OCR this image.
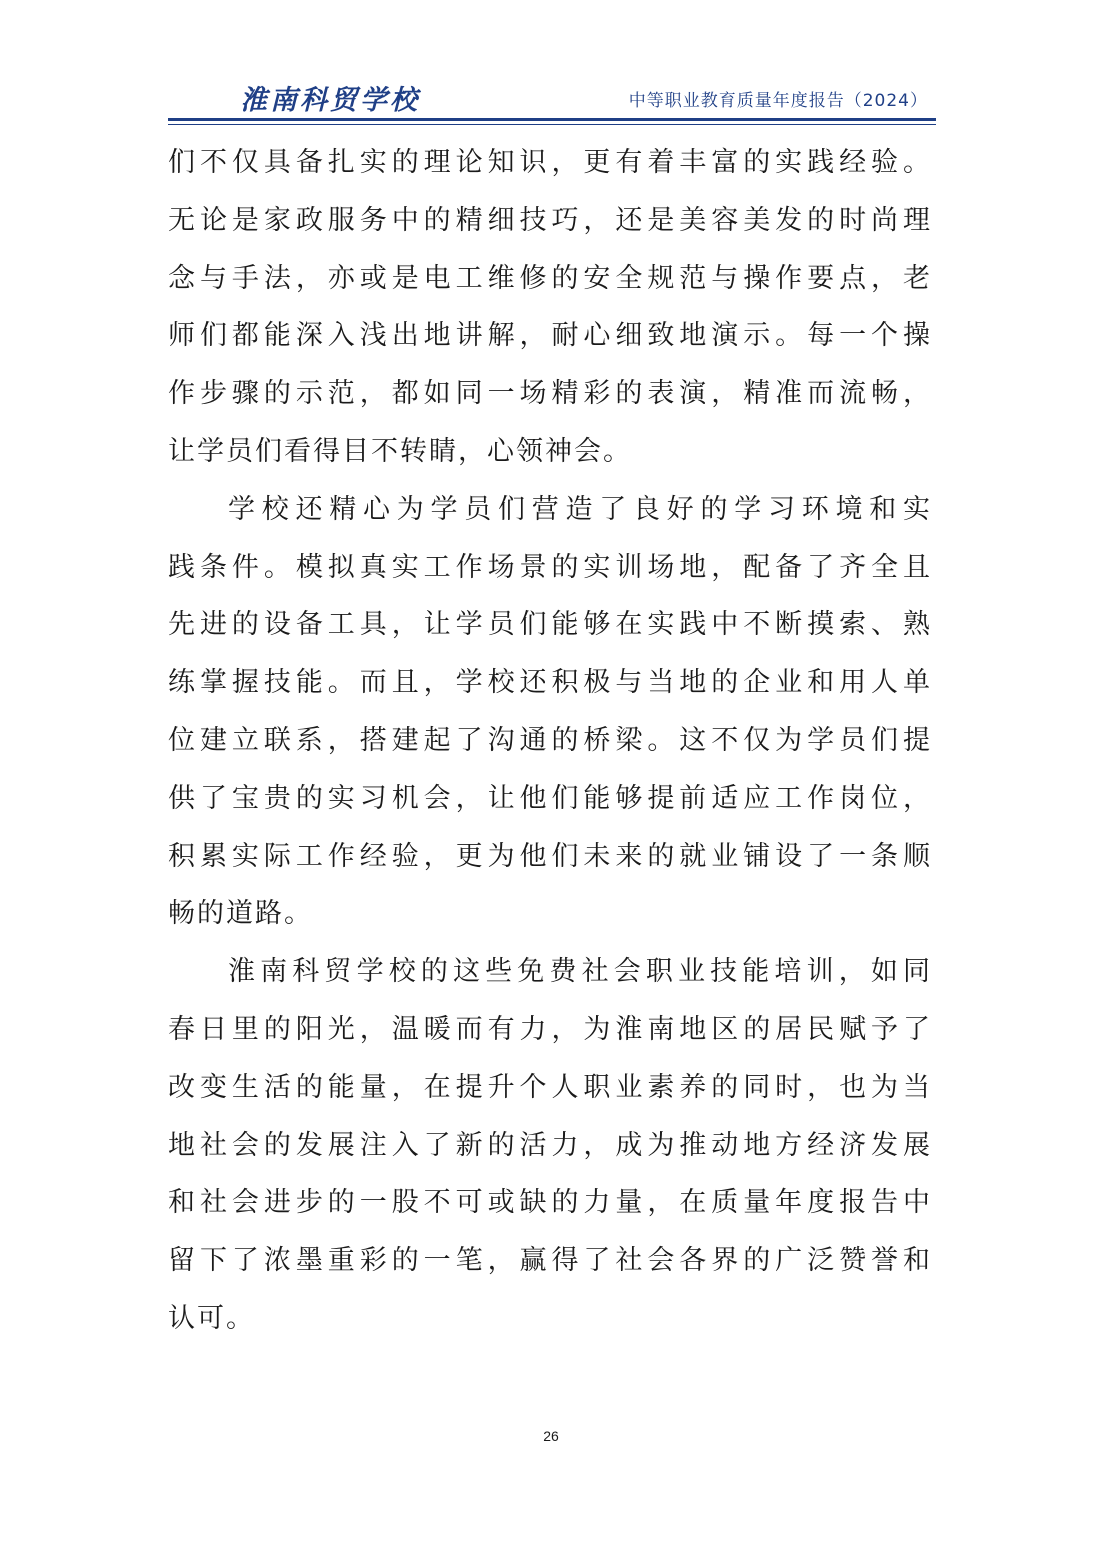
淮南科贸学校	中等职业教育质量年度报告（2024）
们不仅具备扎实的理论知识，更有着丰富的实践经验。
无论是家政服务中的精细技巧，还是美容美发的时尚理
念与手法，亦或是电工维修的安全规范与操作要点，老
师们都能深入浅出地讲解，耐心细致地演示。每一个操
作步骤的示范，都如同一场精彩的表演，精准而流畅，
让学员们看得目不转睛，心领神会。
学校还精心为学员们营造了良好的学习环境和实
践条件。模拟真实工作场景的实训场地，配备了齐全且
先进的设备工具，让学员们能够在实践中不断摸索、熟
练掌握技能。而且，学校还积极与当地的企业和用人单
位建立联系，搭建起了沟通的桥梁。这不仅为学员们提
供了宝贵的实习机会，让他们能够提前适应工作岗位，
积累实际工作经验，更为他们未来的就业铺设了一条顺
畅的道路。
淮南科贸学校的这些免费社会职业技能培训，如同
春日里的阳光，温暖而有力，为淮南地区的居民赋予了
改变生活的能量，在提升个人职业素养的同时，也为当
地社会的发展注入了新的活力，成为推动地方经济发展
和社会进步的一股不可或缺的力量，在质量年度报告中
留下了浓墨重彩的一笔，赢得了社会各界的广泛赞誉和
认可。
26
